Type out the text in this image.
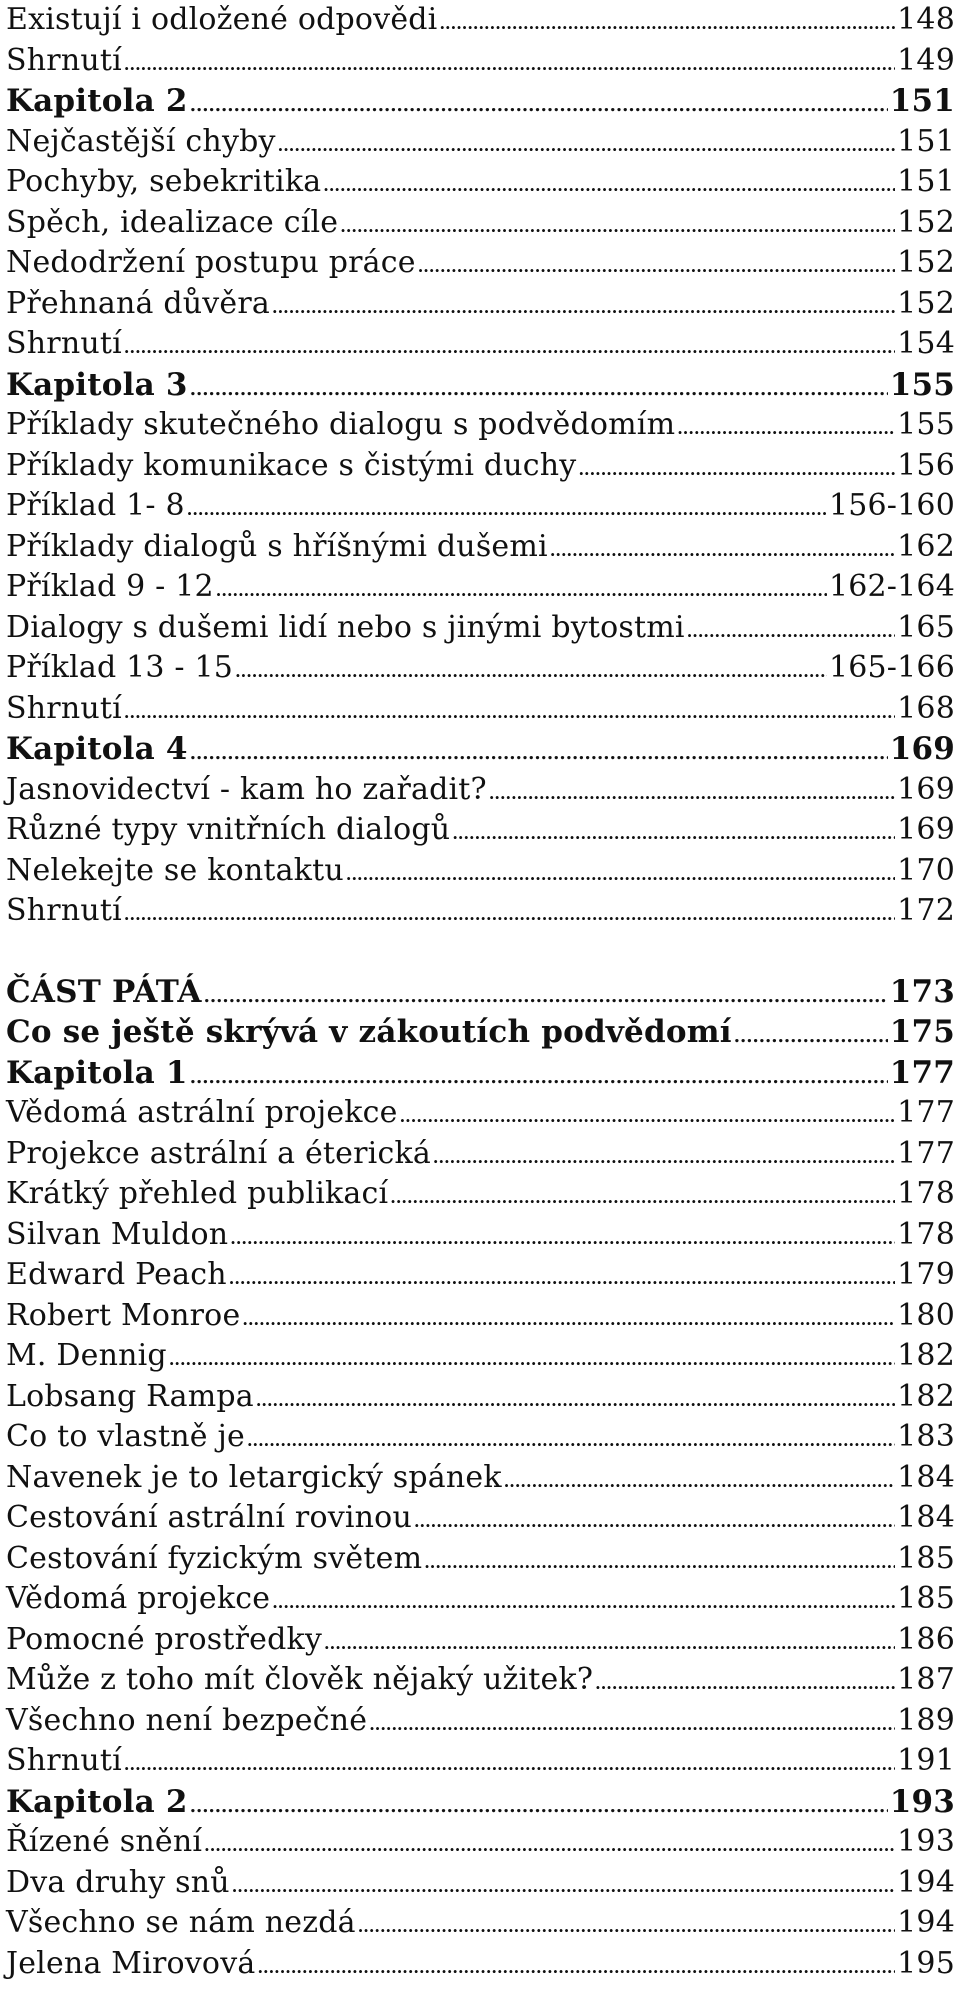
Existují i odložené odpovědi .....	148
Shrnutí .....	149
Kapitola 2 .....	151
Nejčastější chyby .....	151
Pochyby, sebekritika .....	151
Spěch, idealizace cíle .....	152
Nedodržení postupu práce .....	152
Přehnaná důvěra .....	152
Shrnutí .....	154
Kapitola 3 .....	155
Příklady skutečného dialogu s podvědomím .....	155
Příklady komunikace s čistými duchy .....	156
Příklad 1- 8 .....	156-160
Příklady dialogů s hříšnými dušemi .....	162
Příklad 9 - 12 .....	162-164
Dialogy s dušemi lidí nebo s jinými bytostmi .....	165
Příklad 13 - 15 .....	165-166
Shrnutí .....	168
Kapitola 4 .....	169
Jasnovidectví - kam ho zařadit? .....	169
Různé typy vnitřních dialogů .....	169
Nelekejte se kontaktu .....	170
Shrnutí .....	172
ČÁST PÁTÁ .....	173
Co se ještě skrývá v zákoutích podvědomí .....	175
Kapitola 1 .....	177
Vědomá astrální projekce .....	177
Projekce astrální a éterická .....	177
Krátký přehled publikací .....	178
Silvan Muldon .....	178
Edward Peach .....	179
Robert Monroe .....	180
M. Dennig .....	182
Lobsang Rampa .....	182
Co to vlastně je .....	183
Navenek je to letargický spánek .....	184
Cestování astrální rovinou .....	184
Cestování fyzickým světem .....	185
Vědomá projekce .....	185
Pomocné prostředky .....	186
Může z toho mít člověk nějaký užitek? .....	187
Všechno není bezpečné .....	189
Shrnutí .....	191
Kapitola 2 .....	193
Řízené snění .....	193
Dva druhy snů .....	194
Všechno se nám nezdá .....	194
Jelena Mirovová .....	195
